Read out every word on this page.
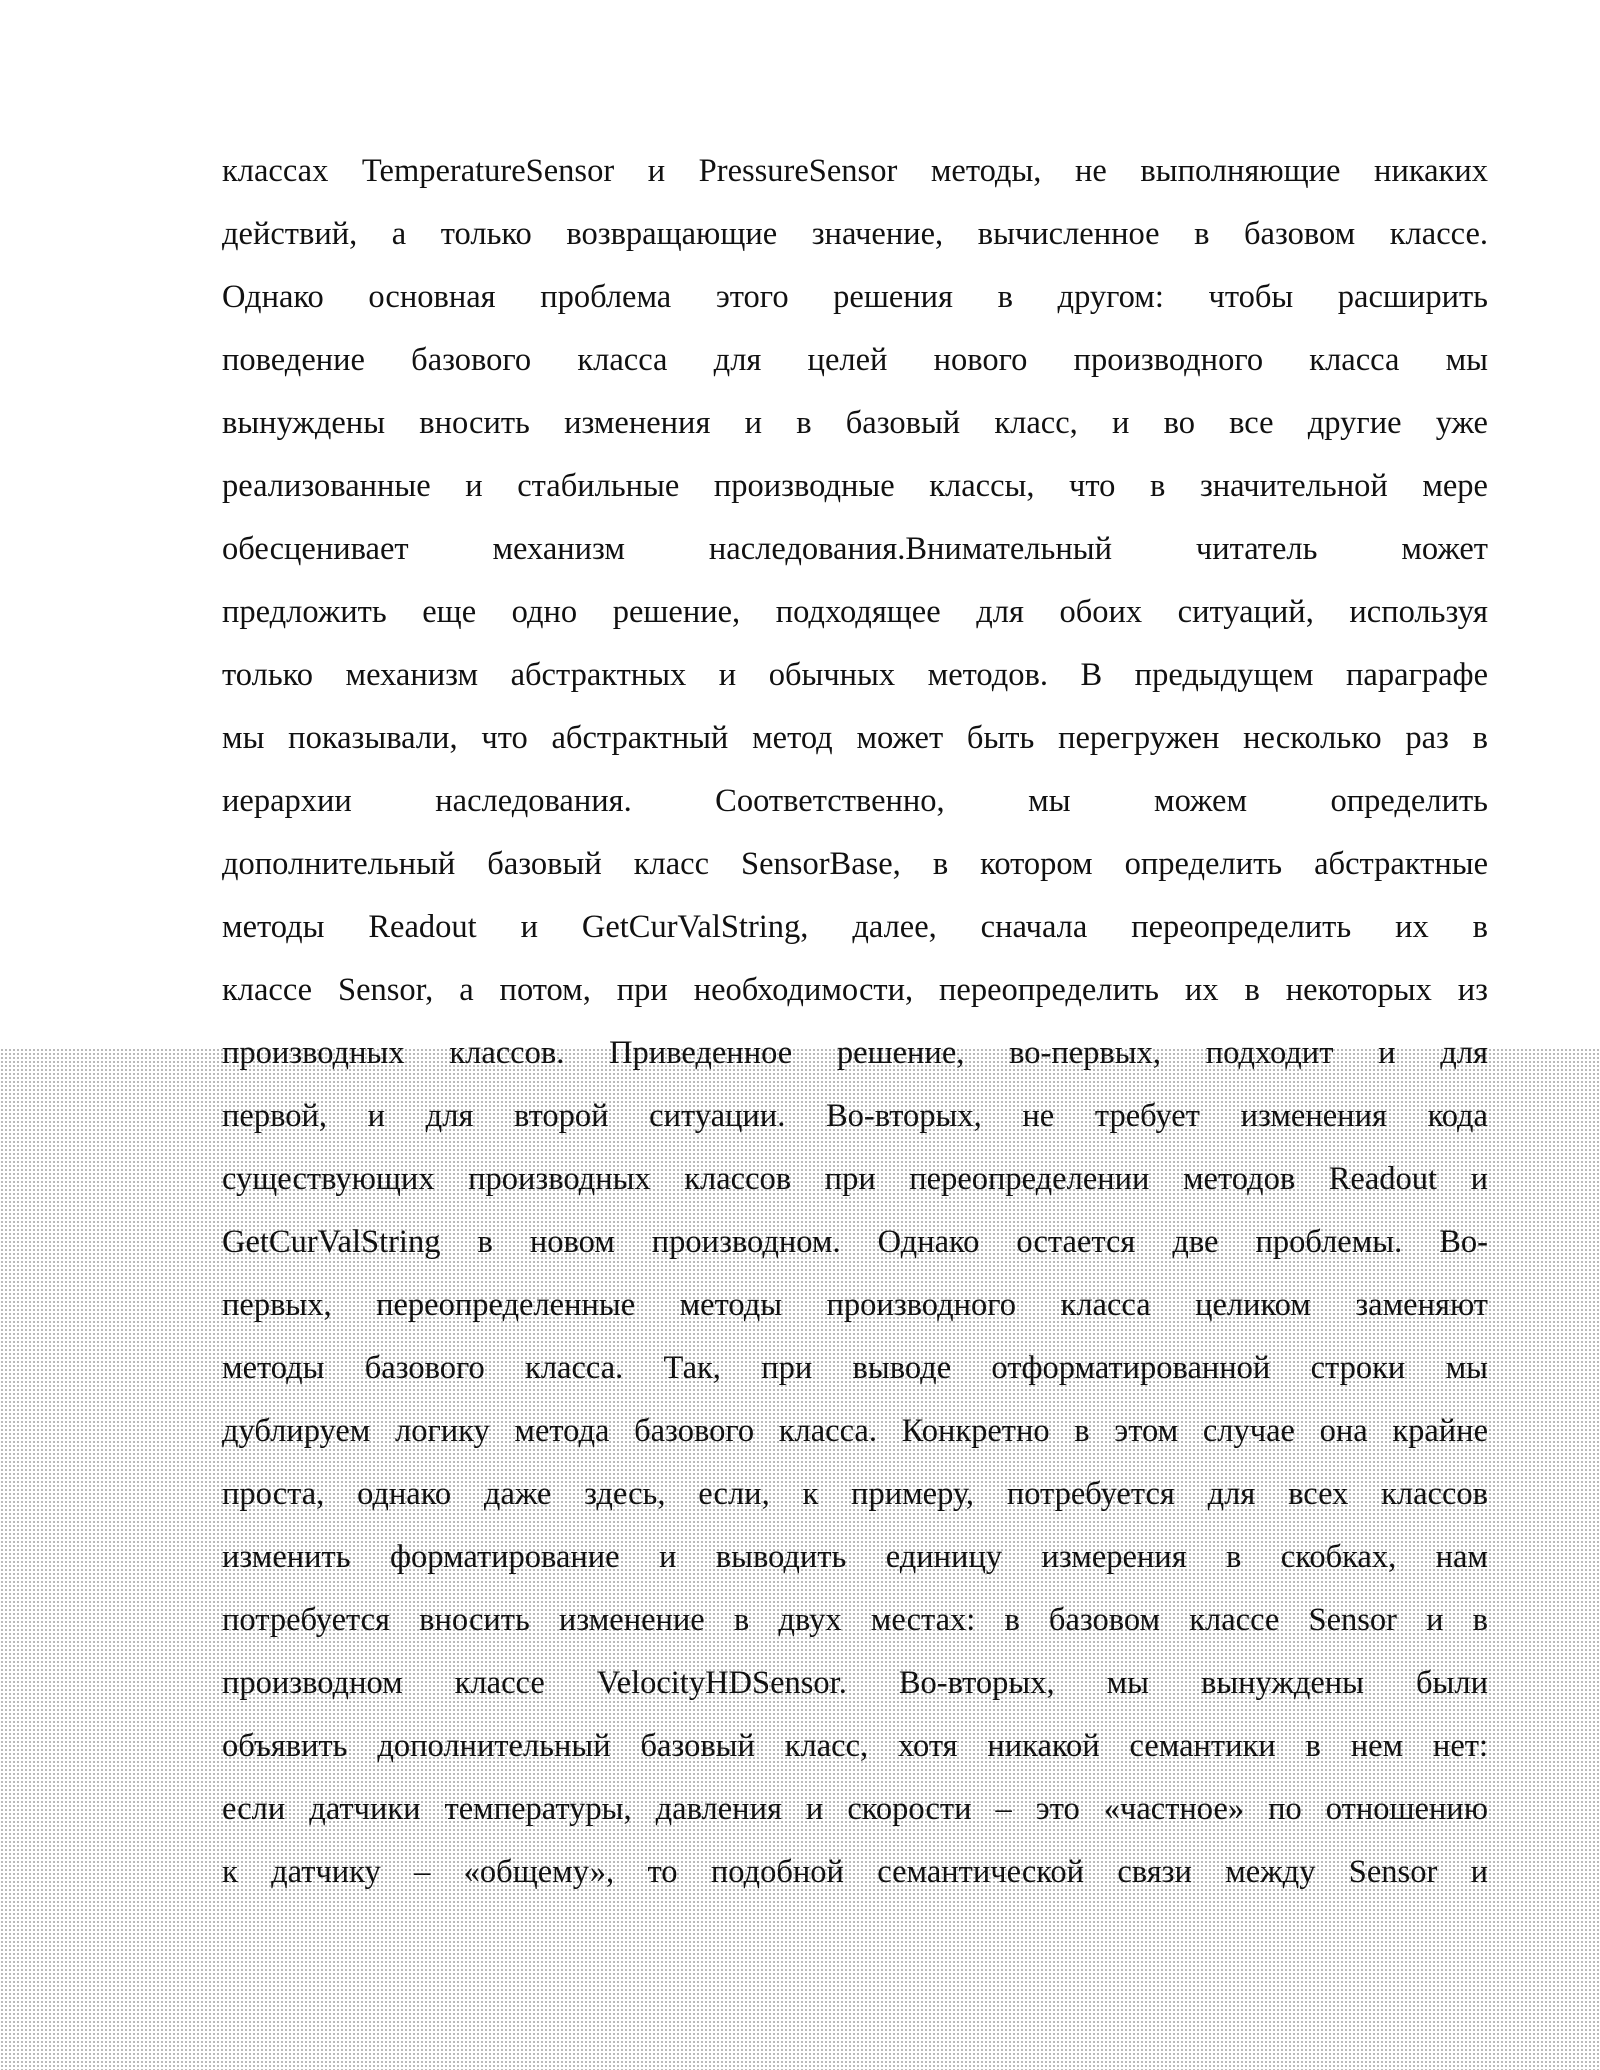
классах TemperatureSensor и PressureSensor методы, не выполняющие никаких
действий, а только возвращающие значение, вычисленное в базовом классе.
Однако основная проблема этого решения в другом: чтобы расширить
поведение базового класса для целей нового производного класса мы
вынуждены вносить изменения и в базовый класс, и во все другие уже
реализованные и стабильные производные классы, что в значительной мере
обесценивает механизм наследования.Внимательный читатель может
предложить еще одно решение, подходящее для обоих ситуаций, используя
только механизм абстрактных и обычных методов. В предыдущем параграфе
мы показывали, что абстрактный метод может быть перегружен несколько раз в
иерархии наследования. Соответственно, мы можем определить
дополнительный базовый класс SensorBase, в котором определить абстрактные
методы Readout и GetCurValString, далее, сначала переопределить их в
классе Sensor, а потом, при необходимости, переопределить их в некоторых из
производных классов. Приведенное решение, во-первых, подходит и для
первой, и для второй ситуации. Во-вторых, не требует изменения кода
существующих производных классов при переопределении методов Readout и
GetCurValString в новом производном. Однако остается две проблемы. Во-
первых, переопределенные методы производного класса целиком заменяют
методы базового класса. Так, при выводе отформатированной строки мы
дублируем логику метода базового класса. Конкретно в этом случае она крайне
проста, однако даже здесь, если, к примеру, потребуется для всех классов
изменить форматирование и выводить единицу измерения в скобках, нам
потребуется вносить изменение в двух местах: в базовом классе Sensor и в
производном классе VelocityHDSensor. Во-вторых, мы вынуждены были
объявить дополнительный базовый класс, хотя никакой семантики в нем нет:
если датчики температуры, давления и скорости – это «частное» по отношению
к датчику – «общему», то подобной семантической связи между Sensor и
